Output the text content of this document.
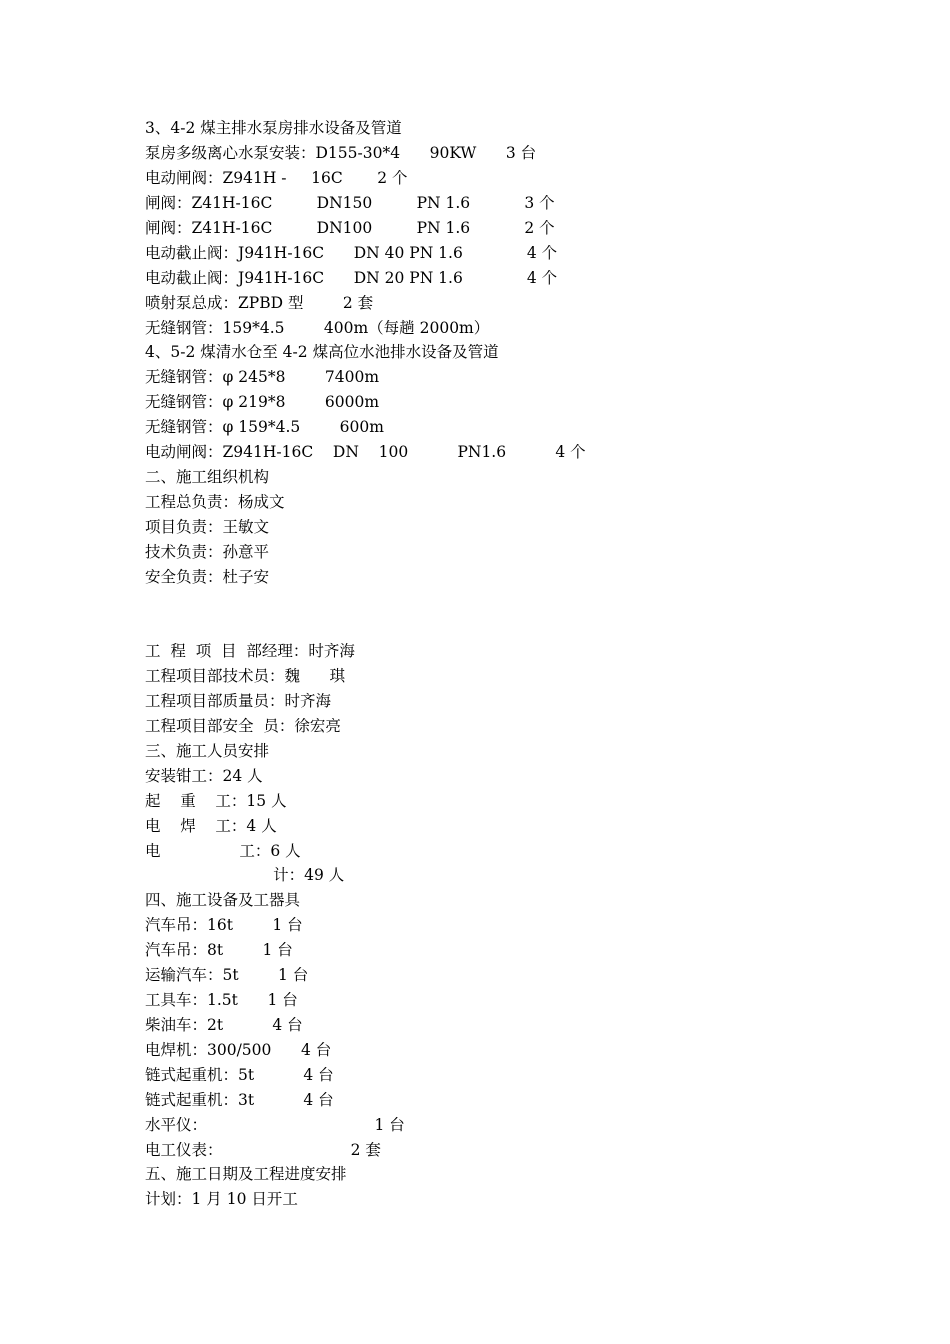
3、4-2 煤主排水泵房排水设备及管道
泵房多级离心水泵安装：D155-30*4      90KW      3 台
电动闸阀：Z941H -     16C       2 个
闸阀：Z41H-16C         DN150         PN 1.6           3 个
闸阀：Z41H-16C         DN100         PN 1.6           2 个
电动截止阀：J941H-16C      DN 40 PN 1.6             4 个
电动截止阀：J941H-16C      DN 20 PN 1.6             4 个
喷射泵总成：ZPBD 型        2 套
无缝钢管：159*4.5        400m（每趟 2000m）
4、5-2 煤清水仓至 4-2 煤高位水池排水设备及管道
无缝钢管：φ 245*8        7400m
无缝钢管：φ 219*8        6000m
无缝钢管：φ 159*4.5        600m
电动闸阀：Z941H-16C    DN    100          PN1.6          4 个
二、施工组织机构
工程总负责：杨成文
项目负责：王敏文
技术负责：孙意平
安全负责：杜子安
工  程  项  目  部经理：时齐海
工程项目部技术员：魏      琪
工程项目部质量员：时齐海
工程项目部安全  员：徐宏亮
三、施工人员安排
安装钳工：24 人
起    重    工：15 人
电    焊    工：4 人
电                工：6 人
计：49 人
四、施工设备及工器具
汽车吊：16t        1 台
汽车吊：8t        1 台
运输汽车：5t        1 台
工具车：1.5t      1 台
柴油车：2t          4 台
电焊机：300/500      4 台
链式起重机：5t          4 台
链式起重机：3t          4 台
水平仪：                                  1 台
电工仪表：                          2 套
五、施工日期及工程进度安排
计划：1 月 10 日开工
